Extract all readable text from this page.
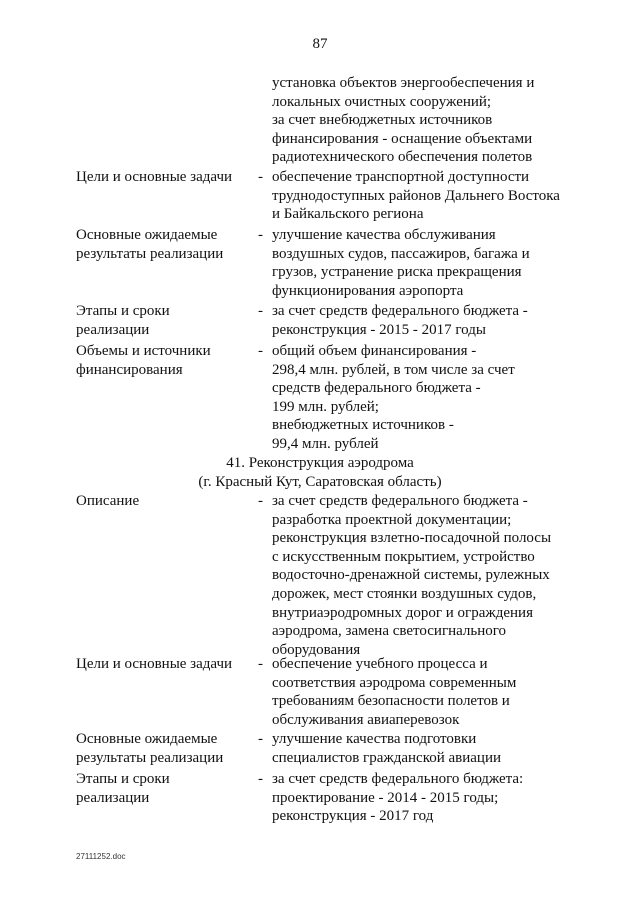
87
установка объектов энергообеспечения и
локальных очистных сооружений;
за счет внебюджетных источников
финансирования - оснащение объектами
радиотехнического обеспечения полетов
Цели и основные задачи	- обеспечение транспортной доступности
труднодоступных районов Дальнего Востока
и Байкальского региона
Основные ожидаемые
результаты реализации
- улучшение качества обслуживания
воздушных судов, пассажиров, багажа и
грузов, устранение риска прекращения
функционирования аэропорта
Этапы и сроки
реализации
- за счет средств федерального бюджета -
реконструкция - 2015 - 2017 годы
Объемы и источники
финансирования
- общий объем финансирования -
298,4 млн. рублей, в том числе за счет
средств федерального бюджета -
199 млн. рублей;
внебюджетных источников -
99,4 млн. рублей
41. Реконструкция аэродрома
(г. Красный Кут, Саратовская область)
Описание	- за счет средств федерального бюджета -
разработка проектной документации;
реконструкция взлетно-посадочной полосы
с искусственным покрытием, устройство
водосточно-дренажной системы, рулежных
дорожек, мест стоянки воздушных судов,
внутриаэродромных дорог и ограждения
аэродрома, замена светосигнального
оборудования
Цели и основные задачи	- обеспечение учебного процесса и
соответствия аэродрома современным
требованиям безопасности полетов и
обслуживания авиаперевозок
Основные ожидаемые
результаты реализации
- улучшение качества подготовки
специалистов гражданской авиации
Этапы и сроки
реализации
- за счет средств федерального бюджета:
проектирование - 2014 - 2015 годы;
реконструкция - 2017 год
27111252.doc
